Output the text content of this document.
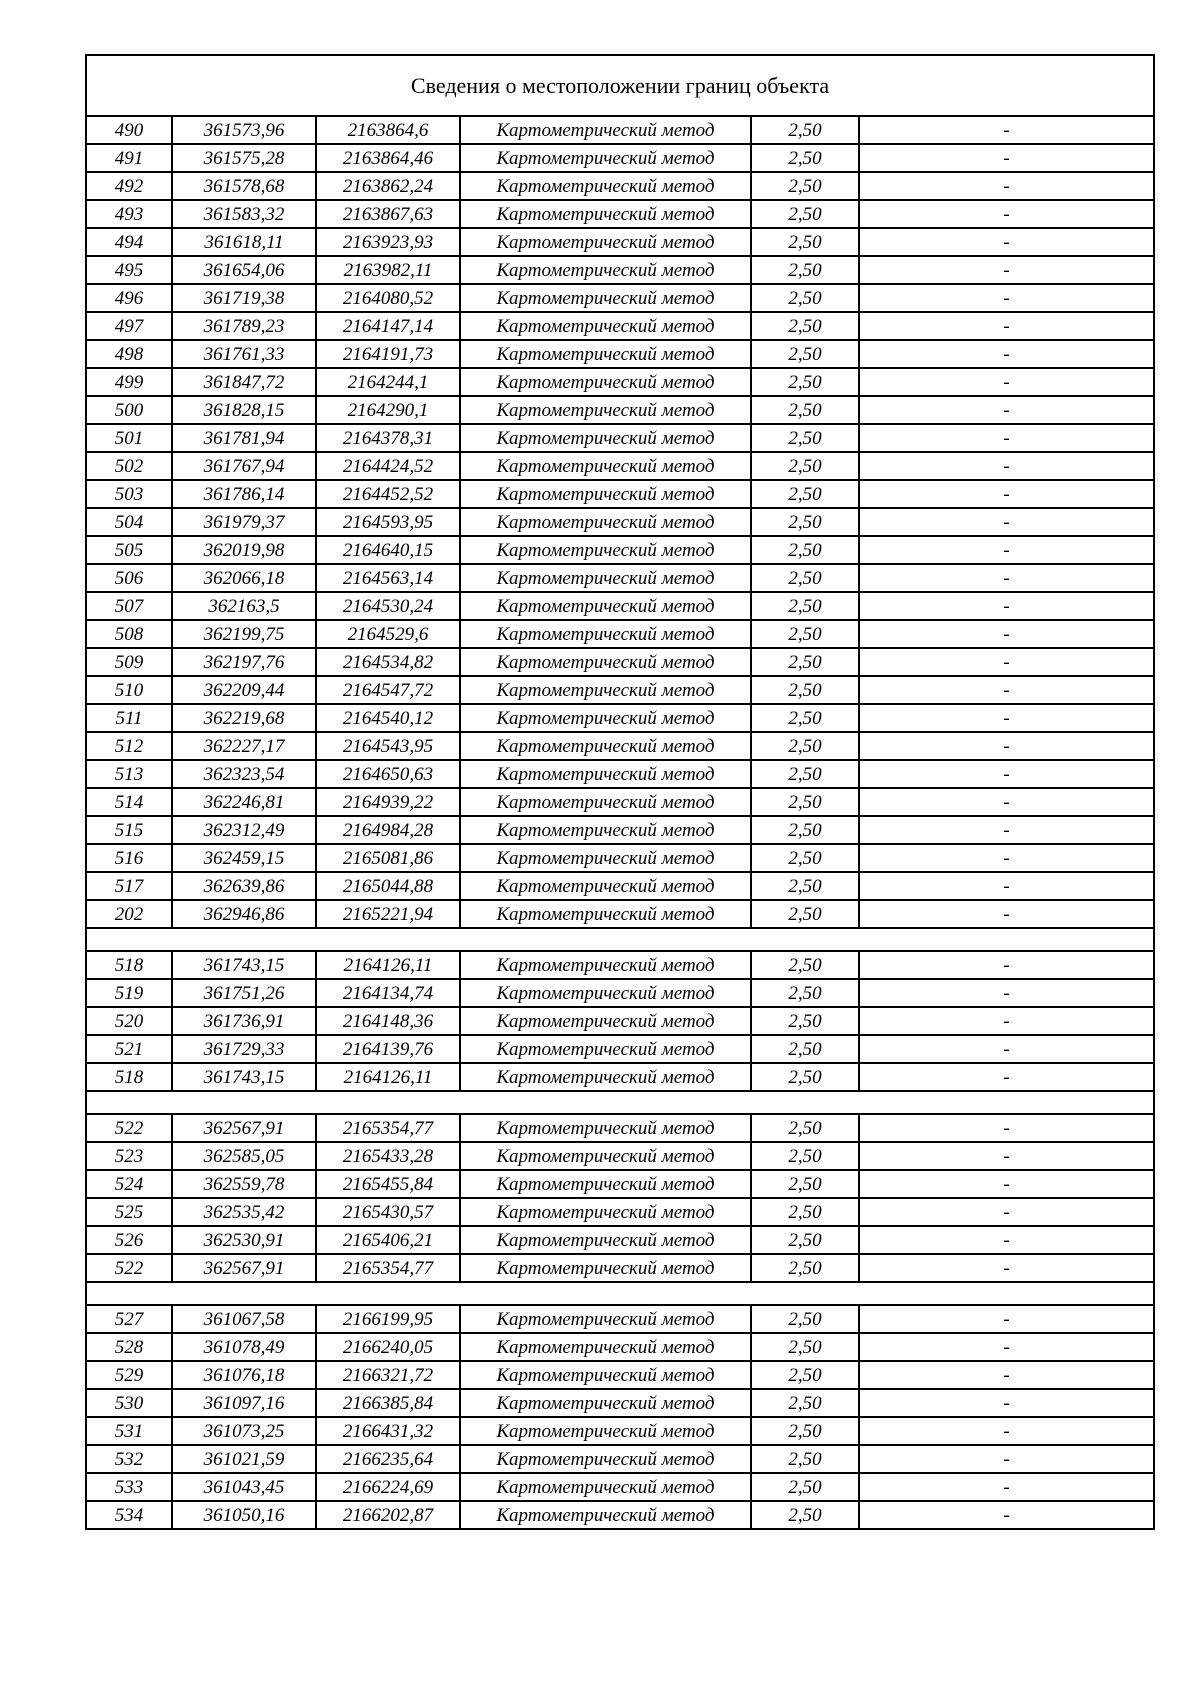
Сведения о местоположении границ объекта					
490	361573,96	2163864,6	Картометрический метод	2,50	-
491	361575,28	2163864,46	Картометрический метод	2,50	-
492	361578,68	2163862,24	Картометрический метод	2,50	-
493	361583,32	2163867,63	Картометрический метод	2,50	-
494	361618,11	2163923,93	Картометрический метод	2,50	-
495	361654,06	2163982,11	Картометрический метод	2,50	-
496	361719,38	2164080,52	Картометрический метод	2,50	-
497	361789,23	2164147,14	Картометрический метод	2,50	-
498	361761,33	2164191,73	Картометрический метод	2,50	-
499	361847,72	2164244,1	Картометрический метод	2,50	-
500	361828,15	2164290,1	Картометрический метод	2,50	-
501	361781,94	2164378,31	Картометрический метод	2,50	-
502	361767,94	2164424,52	Картометрический метод	2,50	-
503	361786,14	2164452,52	Картометрический метод	2,50	-
504	361979,37	2164593,95	Картометрический метод	2,50	-
505	362019,98	2164640,15	Картометрический метод	2,50	-
506	362066,18	2164563,14	Картометрический метод	2,50	-
507	362163,5	2164530,24	Картометрический метод	2,50	-
508	362199,75	2164529,6	Картометрический метод	2,50	-
509	362197,76	2164534,82	Картометрический метод	2,50	-
510	362209,44	2164547,72	Картометрический метод	2,50	-
511	362219,68	2164540,12	Картометрический метод	2,50	-
512	362227,17	2164543,95	Картометрический метод	2,50	-
513	362323,54	2164650,63	Картометрический метод	2,50	-
514	362246,81	2164939,22	Картометрический метод	2,50	-
515	362312,49	2164984,28	Картометрический метод	2,50	-
516	362459,15	2165081,86	Картометрический метод	2,50	-
517	362639,86	2165044,88	Картометрический метод	2,50	-
202	362946,86	2165221,94	Картометрический метод	2,50	-

518	361743,15	2164126,11	Картометрический метод	2,50	-
519	361751,26	2164134,74	Картометрический метод	2,50	-
520	361736,91	2164148,36	Картометрический метод	2,50	-
521	361729,33	2164139,76	Картометрический метод	2,50	-
518	361743,15	2164126,11	Картометрический метод	2,50	-

522	362567,91	2165354,77	Картометрический метод	2,50	-
523	362585,05	2165433,28	Картометрический метод	2,50	-
524	362559,78	2165455,84	Картометрический метод	2,50	-
525	362535,42	2165430,57	Картометрический метод	2,50	-
526	362530,91	2165406,21	Картометрический метод	2,50	-
522	362567,91	2165354,77	Картометрический метод	2,50	-

527	361067,58	2166199,95	Картометрический метод	2,50	-
528	361078,49	2166240,05	Картометрический метод	2,50	-
529	361076,18	2166321,72	Картометрический метод	2,50	-
530	361097,16	2166385,84	Картометрический метод	2,50	-
531	361073,25	2166431,32	Картометрический метод	2,50	-
532	361021,59	2166235,64	Картометрический метод	2,50	-
533	361043,45	2166224,69	Картометрический метод	2,50	-
534	361050,16	2166202,87	Картометрический метод	2,50	-
